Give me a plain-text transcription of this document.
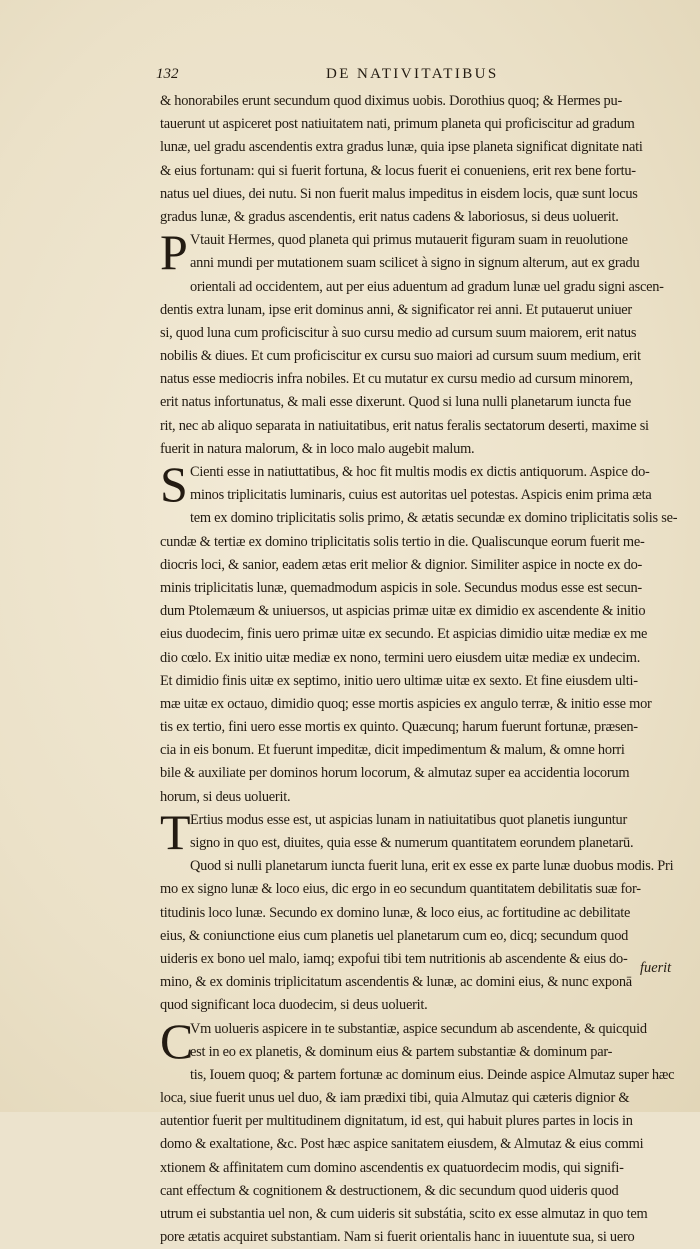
132	DE NATIVITATIBUS
& honorabiles erunt secundum quod diximus uobis. Dorothius quoq; & Hermes pu-
tauerunt ut aspiceret post natiuitatem nati, primum planeta qui proficiscitur ad gradum
lunæ, uel gradu ascendentis extra gradus lunæ, quia ipse planeta significat dignitate nati
& eius fortunam: qui si fuerit fortuna, & locus fuerit ei conueniens, erit rex bene fortu-
natus uel diues, dei nutu. Si non fuerit malus impeditus in eisdem locis, quæ sunt locus
gradus lunæ, & gradus ascendentis, erit natus cadens & laboriosus, si deus uoluerit.
P Vtauit Hermes, quod planeta qui primus mutauerit figuram suam in reuolutione
anni mundi per mutationem suam scilicet à signo in signum alterum, aut ex gradu
orientali ad occidentem, aut per eius aduentum ad gradum lunæ uel gradu signi ascen-
dentis extra lunam, ipse erit dominus anni, & significator rei anni. Et putauerut uniuer
si, quod luna cum proficiscitur à suo cursu medio ad cursum suum maiorem, erit natus
nobilis & diues. Et cum proficiscitur ex cursu suo maiori ad cursum suum medium, erit
natus esse mediocris infra nobiles. Et cu mutatur ex cursu medio ad cursum minorem,
erit natus infortunatus, & mali esse dixerunt. Quod si luna nulli planetarum iuncta fue
rit, nec ab aliquo separata in natiuitatibus, erit natus feralis sectatorum deserti, maxime si
fuerit in natura malorum, & in loco malo augebit malum.
S Cienti esse in natiuttatibus, & hoc fit multis modis ex dictis antiquorum. Aspice do-
minos triplicitatis luminaris, cuius est autoritas uel potestas. Aspicis enim prima æta
tem ex domino triplicitatis solis primo, & ætatis secundæ ex domino triplicitatis solis se-
cundæ & tertiæ ex domino triplicitatis solis tertio in die. Qualiscunque eorum fuerit me-
diocris loci, & sanior, eadem ætas erit melior & dignior. Similiter aspice in nocte ex do-
minis triplicitatis lunæ, quemadmodum aspicis in sole. Secundus modus esse est secun-
dum Ptolemæum & uniuersos, ut aspicias primæ uitæ ex dimidio ex ascendente & initio
eius duodecim, finis uero primæ uitæ ex secundo. Et aspicias dimidio uitæ mediæ ex me
dio cœlo. Ex initio uitæ mediæ ex nono, termini uero eiusdem uitæ mediæ ex undecim.
Et dimidio finis uitæ ex septimo, initio uero ultimæ uitæ ex sexto. Et fine eiusdem ulti-
mæ uitæ ex octauo, dimidio quoq; esse mortis aspicies ex angulo terræ, & initio esse mor
tis ex tertio, fini uero esse mortis ex quinto. Quæcunq; harum fuerunt fortunæ, præsen-
cia in eis bonum. Et fuerunt impeditæ, dicit impedimentum & malum, & omne horri
bile & auxiliate per dominos horum locorum, & almutaz super ea accidentia locorum
horum, si deus uoluerit.
T Ertius modus esse est, ut aspicias lunam in natiuitatibus quot planetis iunguntur
signo in quo est, diuites, quia esse & numerum quantitatem eorundem planetarū.
Quod si nulli planetarum iuncta fuerit luna, erit ex esse ex parte lunæ duobus modis. Pri
mo ex signo lunæ & loco eius, dic ergo in eo secundum quantitatem debilitatis suæ for-
titudinis loco lunæ. Secundo ex domino lunæ, & loco eius, ac fortitudine ac debilitate
eius, & coniunctione eius cum planetis uel planetarum cum eo, dicq; secundum quod
uideris ex bono uel malo, iamq; expofui tibi tem nutritionis ab ascendente & eius do-
mino, & ex dominis triplicitatum ascendentis & lunæ, ac domini eius, & nunc exponā
quod significant loca duodecim, si deus uoluerit.
C
Vm uolueris aspicere in te substantiæ, aspice secundum ab ascendente, & quicquid
est in eo ex planetis, & dominum eius & partem substantiæ & dominum par-
tis, Iouem quoq; & partem fortunæ ac dominum eius. Deinde aspice Almutaz super hæc
loca, siue fuerit unus uel duo, & iam prædixi tibi, quia Almutaz qui cæteris dignior &
autentior fuerit per multitudinem dignitatum, id est, qui habuit plures partes in locis in
domo & exaltatione, &c. Post hæc aspice sanitatem eiusdem, & Almutaz & eius commi
xtionem & affinitatem cum domino ascendentis ex quatuordecim modis, qui signifi-
cant effectum & cognitionem & destructionem, & dic secundum quod uideris quod
utrum ei substantia uel non, & cum uideris sit substátia, scito ex esse almutaz in quo tem
pore ætatis acquiret substantiam. Nam si fuerit orientalis hanc in iuuentute sua, si uero
fuerit
